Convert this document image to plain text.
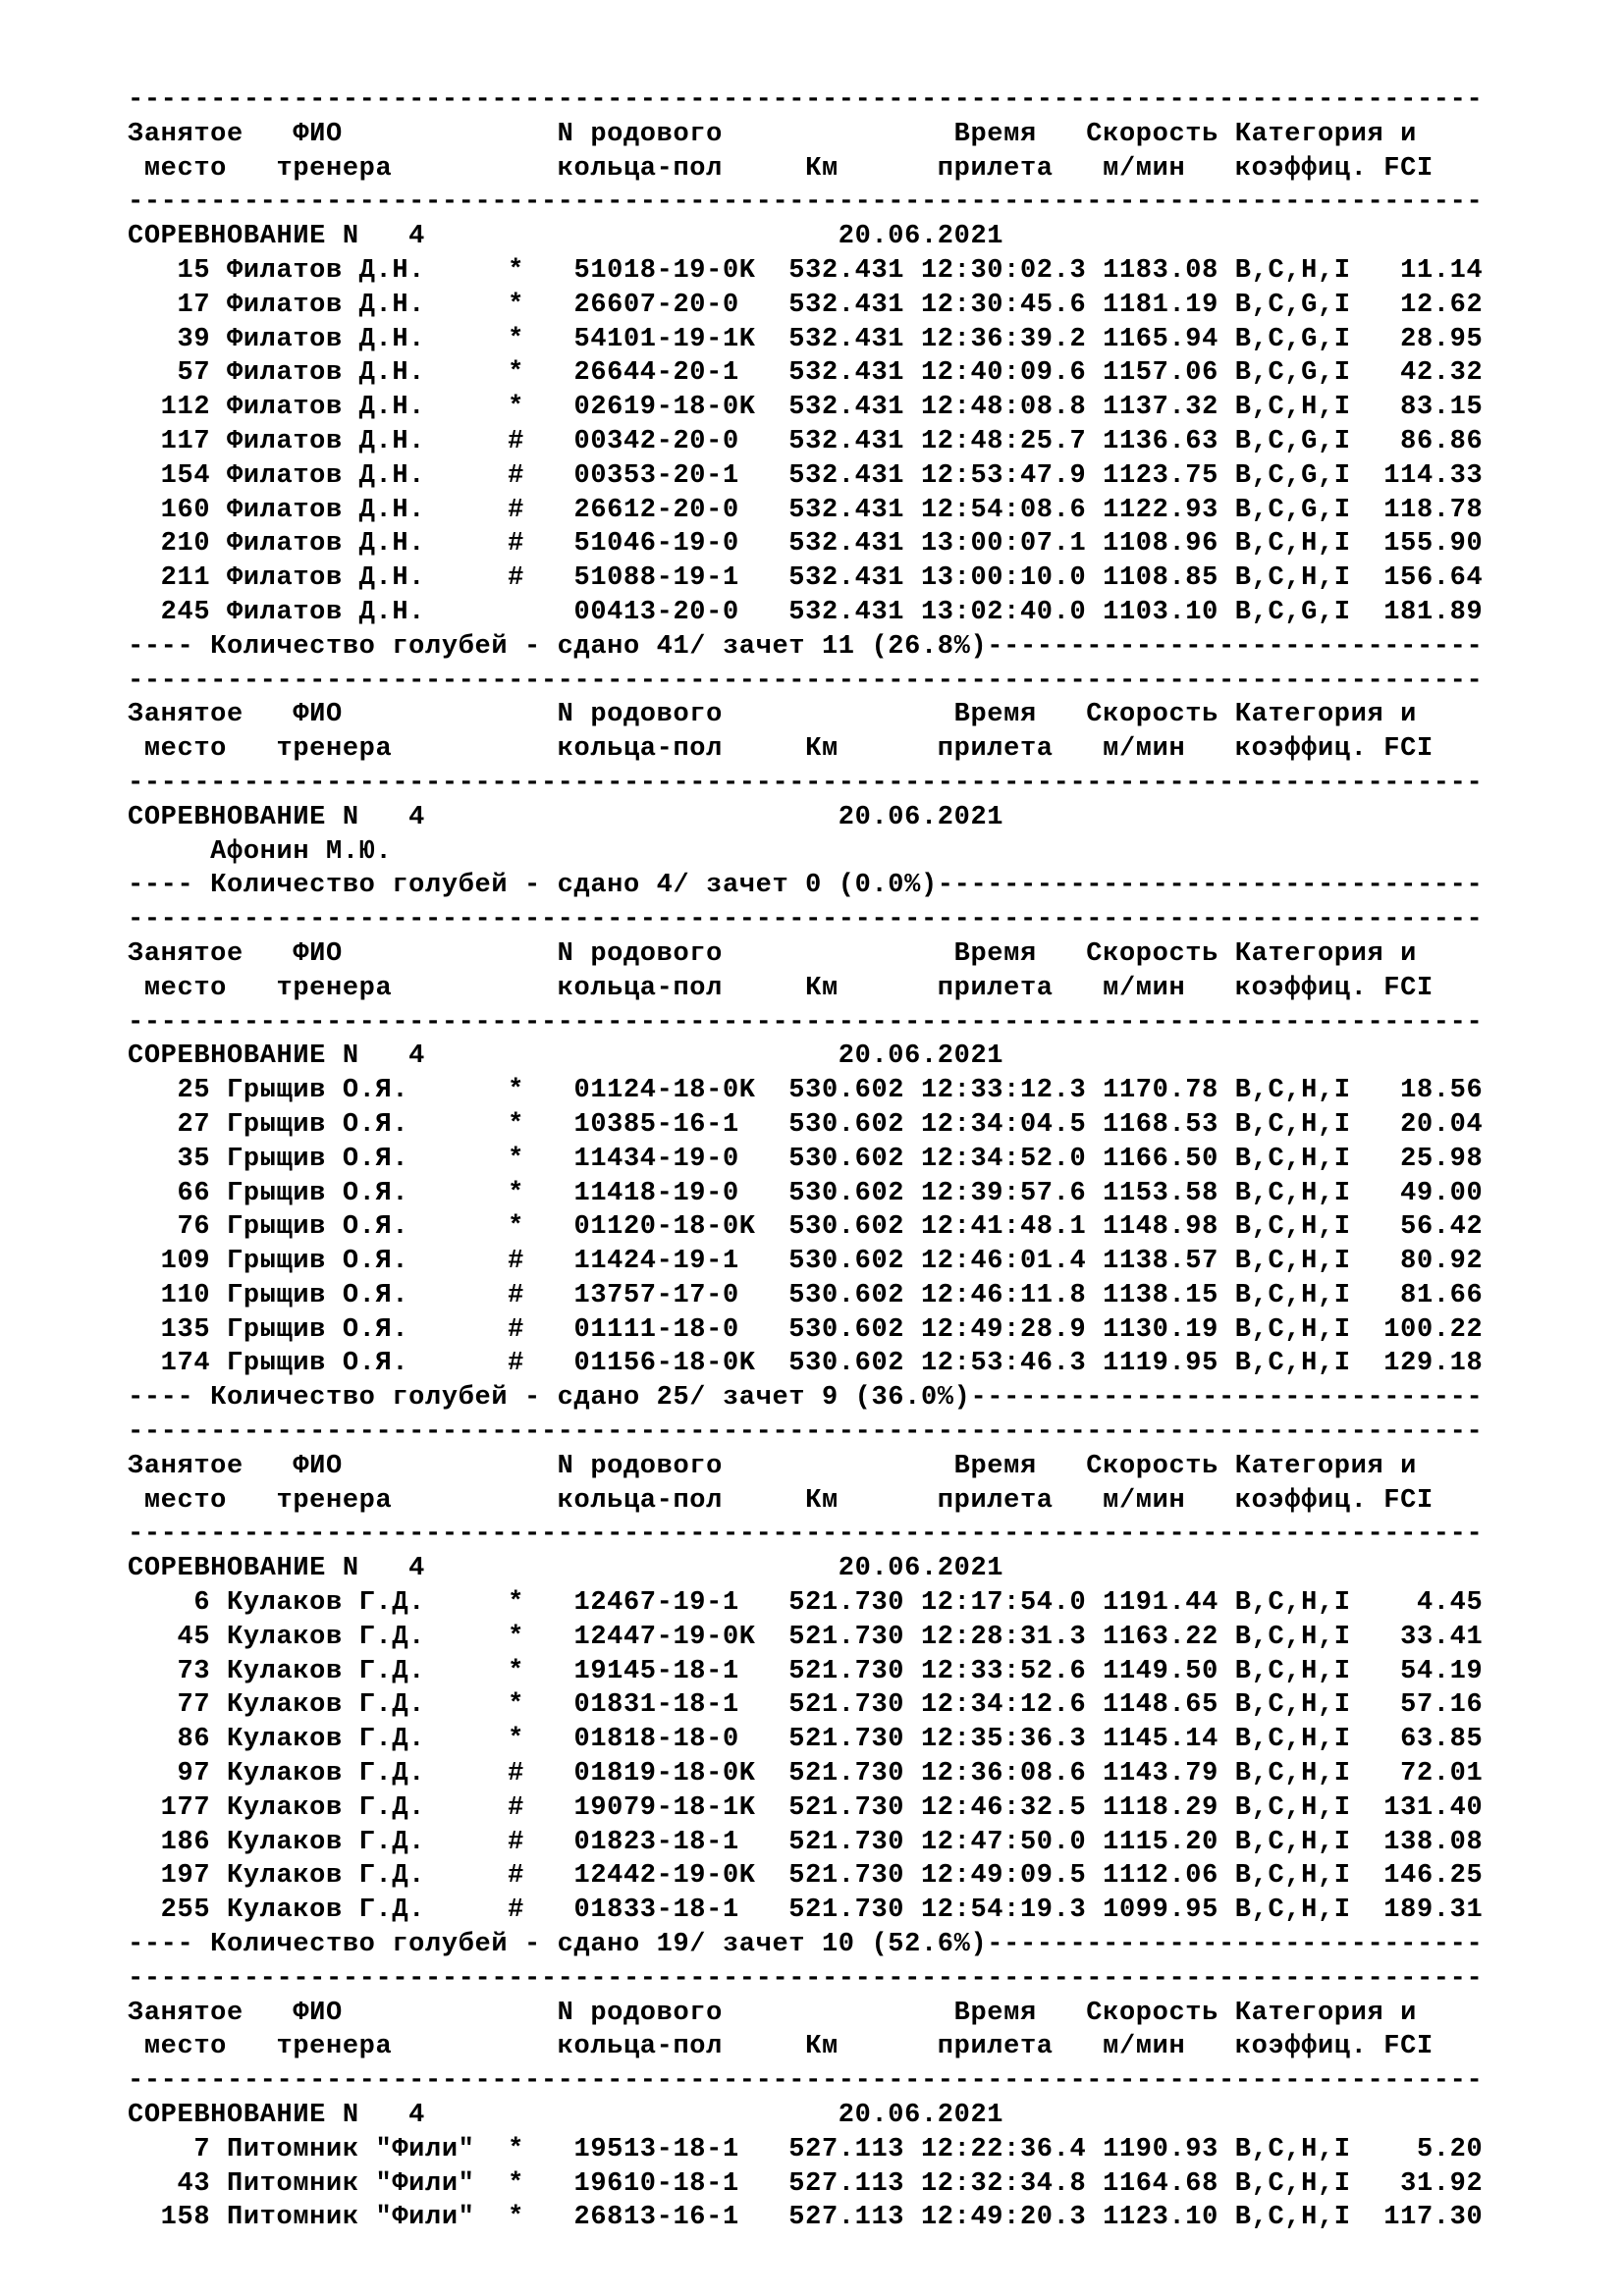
----------------------------------------------------------------------------------
Занятое   ФИО             N родового              Время   Скорость Категория и
место   тренера          кольца-пол     Км      прилета   м/мин   коэффиц. FCI
----------------------------------------------------------------------------------
СОРЕВНОВАНИЕ N   4                         20.06.2021
15 Филатов Д.Н.     *   51018-19-0K  532.431 12:30:02.3 1183.08 B,C,H,I   11.14
17 Филатов Д.Н.     *   26607-20-0   532.431 12:30:45.6 1181.19 B,C,G,I   12.62
39 Филатов Д.Н.     *   54101-19-1K  532.431 12:36:39.2 1165.94 B,C,G,I   28.95
57 Филатов Д.Н.     *   26644-20-1   532.431 12:40:09.6 1157.06 B,C,G,I   42.32
112 Филатов Д.Н.     *   02619-18-0K  532.431 12:48:08.8 1137.32 B,C,H,I   83.15
117 Филатов Д.Н.     #   00342-20-0   532.431 12:48:25.7 1136.63 B,C,G,I   86.86
154 Филатов Д.Н.     #   00353-20-1   532.431 12:53:47.9 1123.75 B,C,G,I  114.33
160 Филатов Д.Н.     #   26612-20-0   532.431 12:54:08.6 1122.93 B,C,G,I  118.78
210 Филатов Д.Н.     #   51046-19-0   532.431 13:00:07.1 1108.96 B,C,H,I  155.90
211 Филатов Д.Н.     #   51088-19-1   532.431 13:00:10.0 1108.85 B,C,H,I  156.64
245 Филатов Д.Н.         00413-20-0   532.431 13:02:40.0 1103.10 B,C,G,I  181.89
---- Количество голубей - сдано 41/ зачет 11 (26.8%)------------------------------
----------------------------------------------------------------------------------
Занятое   ФИО             N родового              Время   Скорость Категория и
место   тренера          кольца-пол     Км      прилета   м/мин   коэффиц. FCI
----------------------------------------------------------------------------------
СОРЕВНОВАНИЕ N   4                         20.06.2021
Афонин М.Ю.
---- Количество голубей - сдано 4/ зачет 0 (0.0%)---------------------------------
----------------------------------------------------------------------------------
Занятое   ФИО             N родового              Время   Скорость Категория и
место   тренера          кольца-пол     Км      прилета   м/мин   коэффиц. FCI
----------------------------------------------------------------------------------
СОРЕВНОВАНИЕ N   4                         20.06.2021
25 Грыщив О.Я.      *   01124-18-0K  530.602 12:33:12.3 1170.78 B,C,H,I   18.56
27 Грыщив О.Я.      *   10385-16-1   530.602 12:34:04.5 1168.53 B,C,H,I   20.04
35 Грыщив О.Я.      *   11434-19-0   530.602 12:34:52.0 1166.50 B,C,H,I   25.98
66 Грыщив О.Я.      *   11418-19-0   530.602 12:39:57.6 1153.58 B,C,H,I   49.00
76 Грыщив О.Я.      *   01120-18-0K  530.602 12:41:48.1 1148.98 B,C,H,I   56.42
109 Грыщив О.Я.      #   11424-19-1   530.602 12:46:01.4 1138.57 B,C,H,I   80.92
110 Грыщив О.Я.      #   13757-17-0   530.602 12:46:11.8 1138.15 B,C,H,I   81.66
135 Грыщив О.Я.      #   01111-18-0   530.602 12:49:28.9 1130.19 B,C,H,I  100.22
174 Грыщив О.Я.      #   01156-18-0K  530.602 12:53:46.3 1119.95 B,C,H,I  129.18
---- Количество голубей - сдано 25/ зачет 9 (36.0%)-------------------------------
----------------------------------------------------------------------------------
Занятое   ФИО             N родового              Время   Скорость Категория и
место   тренера          кольца-пол     Км      прилета   м/мин   коэффиц. FCI
----------------------------------------------------------------------------------
СОРЕВНОВАНИЕ N   4                         20.06.2021
6 Кулаков Г.Д.     *   12467-19-1   521.730 12:17:54.0 1191.44 B,C,H,I    4.45
45 Кулаков Г.Д.     *   12447-19-0K  521.730 12:28:31.3 1163.22 B,C,H,I   33.41
73 Кулаков Г.Д.     *   19145-18-1   521.730 12:33:52.6 1149.50 B,C,H,I   54.19
77 Кулаков Г.Д.     *   01831-18-1   521.730 12:34:12.6 1148.65 B,C,H,I   57.16
86 Кулаков Г.Д.     *   01818-18-0   521.730 12:35:36.3 1145.14 B,C,H,I   63.85
97 Кулаков Г.Д.     #   01819-18-0K  521.730 12:36:08.6 1143.79 B,C,H,I   72.01
177 Кулаков Г.Д.     #   19079-18-1K  521.730 12:46:32.5 1118.29 B,C,H,I  131.40
186 Кулаков Г.Д.     #   01823-18-1   521.730 12:47:50.0 1115.20 B,C,H,I  138.08
197 Кулаков Г.Д.     #   12442-19-0K  521.730 12:49:09.5 1112.06 B,C,H,I  146.25
255 Кулаков Г.Д.     #   01833-18-1   521.730 12:54:19.3 1099.95 B,C,H,I  189.31
---- Количество голубей - сдано 19/ зачет 10 (52.6%)------------------------------
----------------------------------------------------------------------------------
Занятое   ФИО             N родового              Время   Скорость Категория и
место   тренера          кольца-пол     Км      прилета   м/мин   коэффиц. FCI
----------------------------------------------------------------------------------
СОРЕВНОВАНИЕ N   4                         20.06.2021
7 Питомник "Фили"  *   19513-18-1   527.113 12:22:36.4 1190.93 B,C,H,I    5.20
43 Питомник "Фили"  *   19610-18-1   527.113 12:32:34.8 1164.68 B,C,H,I   31.92
158 Питомник "Фили"  *   26813-16-1   527.113 12:49:20.3 1123.10 B,C,H,I  117.30
